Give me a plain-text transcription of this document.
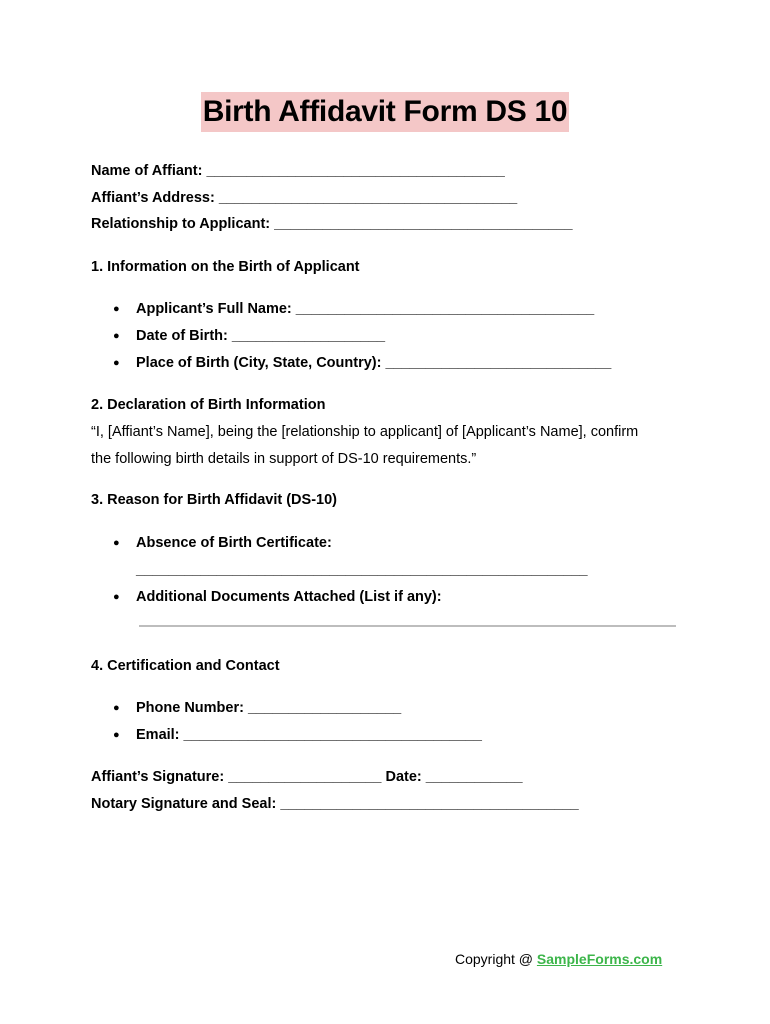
Birth Affidavit Form DS 10
Name of Affiant: _____________________________________
Affiant’s Address: _____________________________________
Relationship to Applicant: _____________________________________
1. Information on the Birth of Applicant
● Applicant’s Full Name: _____________________________________
● Date of Birth: ___________________
● Place of Birth (City, State, Country): ____________________________
2. Declaration of Birth Information
“I, [Affiant’s Name], being the [relationship to applicant] of [Applicant’s Name], confirm
the following birth details in support of DS-10 requirements.”
3. Reason for Birth Affidavit (DS-10)
● Absence of Birth Certificate:
________________________________________________________
● Additional Documents Attached (List if any):
4. Certification and Contact
● Phone Number: ___________________
● Email: _____________________________________
Affiant’s Signature: ___________________ Date: ____________
Notary Signature and Seal: _____________________________________
Copyright @ SampleForms.com
